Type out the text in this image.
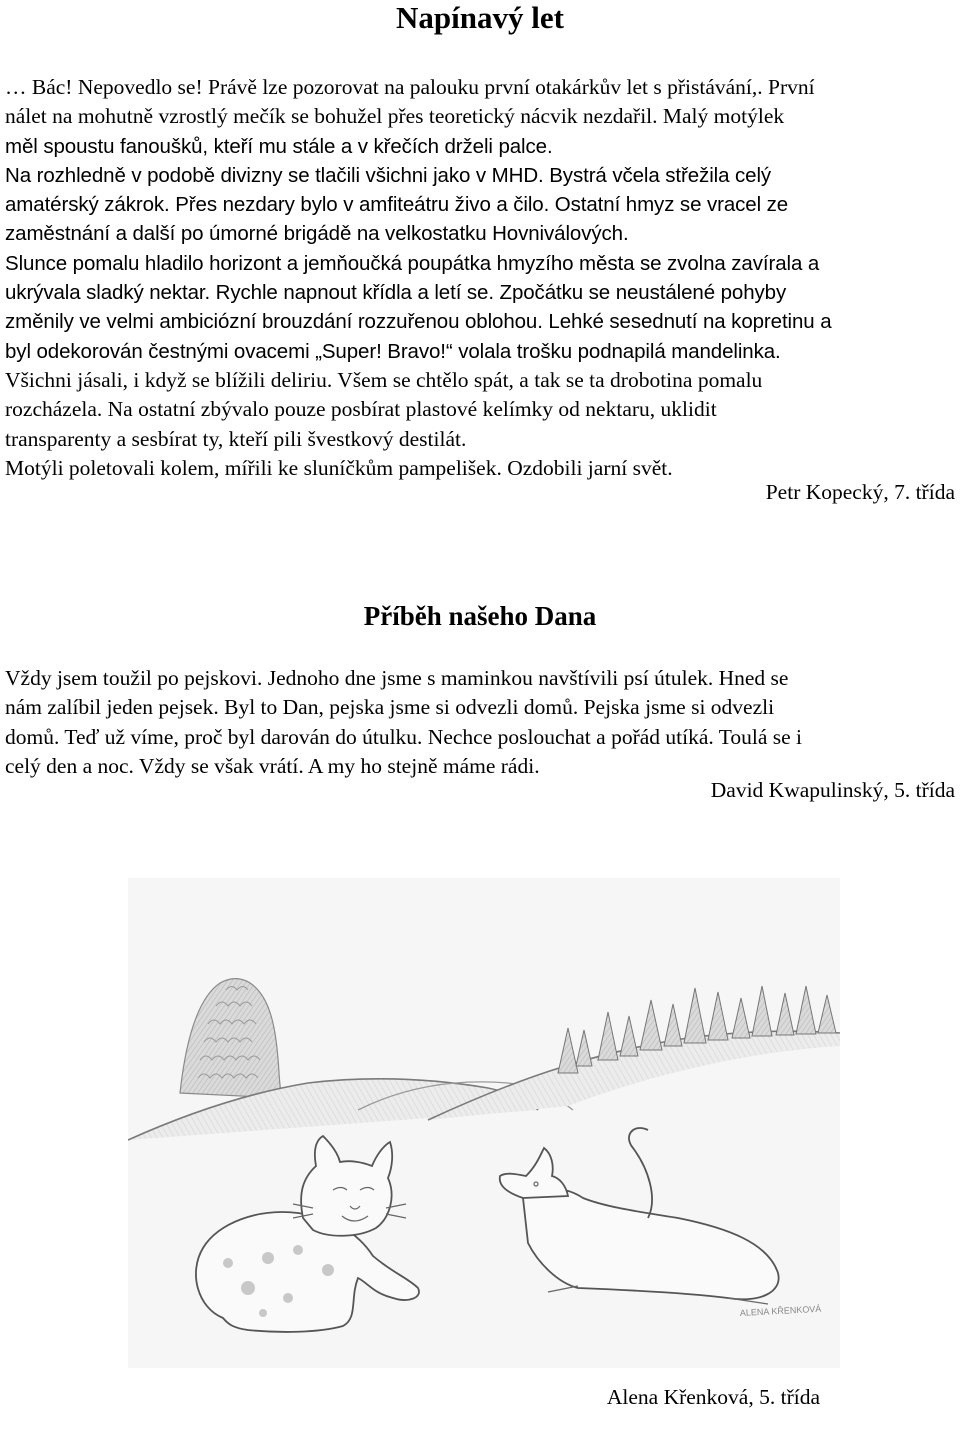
Napínavý let

… Bác! Nepovedlo se! Právě lze pozorovat na palouku první otakárkův let s přistávání,. První
nálet na mohutně vzrostlý mečík se bohužel přes teoretický nácvik nezdařil. Malý motýlek
měl spoustu fanoušků, kteří mu stále a v křečích drželi palce.
Na rozhledně v podobě divizny se tlačili všichni jako v MHD. Bystrá včela střežila celý
amatérský zákrok. Přes nezdary bylo v amfiteátru živo a čilo. Ostatní hmyz se vracel ze
zaměstnání a další po úmorné brigádě na velkostatku Hovniválových.
Slunce pomalu hladilo horizont a jemňoučká poupátka hmyzího města se zvolna zavírala a
ukrývala sladký nektar. Rychle napnout křídla a letí se. Zpočátku se neustálené pohyby
změnily ve velmi ambiciózní brouzdání rozzuřenou oblohou. Lehké sesednutí na kopretinu a
byl odekorován čestnými ovacemi „Super! Bravo!“ volala trošku podnapilá mandelinka.
Všichni jásali, i když se blížili deliriu. Všem se chtělo spát, a tak se ta drobotina pomalu
rozcházela. Na ostatní zbývalo pouze posbírat plastové kelímky od nektaru, uklidit
transparenty a sesbírat ty, kteří pili švestkový destilát.
Motýli poletovali kolem, mířili ke sluníčkům pampelišek. Ozdobili jarní svět.

Petr Kopecký, 7. třída

Příběh našeho Dana

Vždy jsem toužil po pejskovi. Jednoho dne jsme s maminkou navštívili psí útulek. Hned se
nám zalíbil jeden pejsek. Byl to Dan, pejska jsme si odvezli domů. Pejska jsme si odvezli
domů. Teď už víme, proč byl darován do útulku. Nechce poslouchat a pořád utíká. Toulá se i
celý den a noc. Vždy se však vrátí. A my ho stejně máme rádi.

David Kwapulinský, 5. třída

ALENA KŘENKOVÁ

Alena Křenková, 5. třída
